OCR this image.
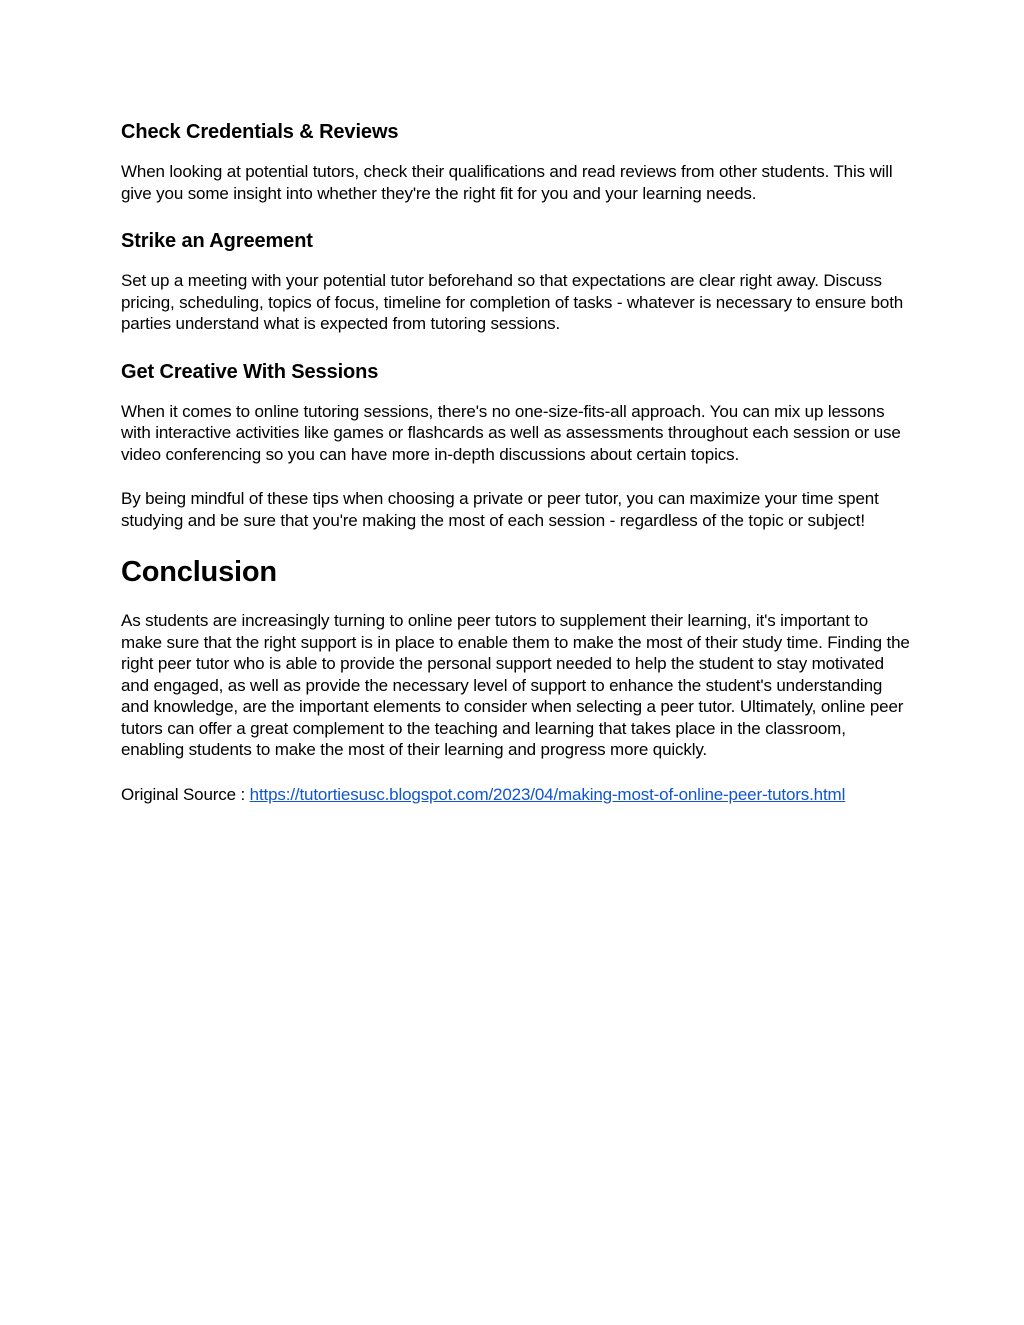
Check Credentials & Reviews

When looking at potential tutors, check their qualifications and read reviews from other students. This will give you some insight into whether they're the right fit for you and your learning needs.

Strike an Agreement

Set up a meeting with your potential tutor beforehand so that expectations are clear right away. Discuss pricing, scheduling, topics of focus, timeline for completion of tasks - whatever is necessary to ensure both parties understand what is expected from tutoring sessions.

Get Creative With Sessions

When it comes to online tutoring sessions, there's no one-size-fits-all approach. You can mix up lessons with interactive activities like games or flashcards as well as assessments throughout each session or use video conferencing so you can have more in-depth discussions about certain topics.

By being mindful of these tips when choosing a private or peer tutor, you can maximize your time spent studying and be sure that you're making the most of each session - regardless of the topic or subject!

Conclusion

As students are increasingly turning to online peer tutors to supplement their learning, it's important to make sure that the right support is in place to enable them to make the most of their study time. Finding the right peer tutor who is able to provide the personal support needed to help the student to stay motivated and engaged, as well as provide the necessary level of support to enhance the student's understanding and knowledge, are the important elements to consider when selecting a peer tutor. Ultimately, online peer tutors can offer a great complement to the teaching and learning that takes place in the classroom, enabling students to make the most of their learning and progress more quickly.

Original Source : https://tutortiesusc.blogspot.com/2023/04/making-most-of-online-peer-tutors.html
